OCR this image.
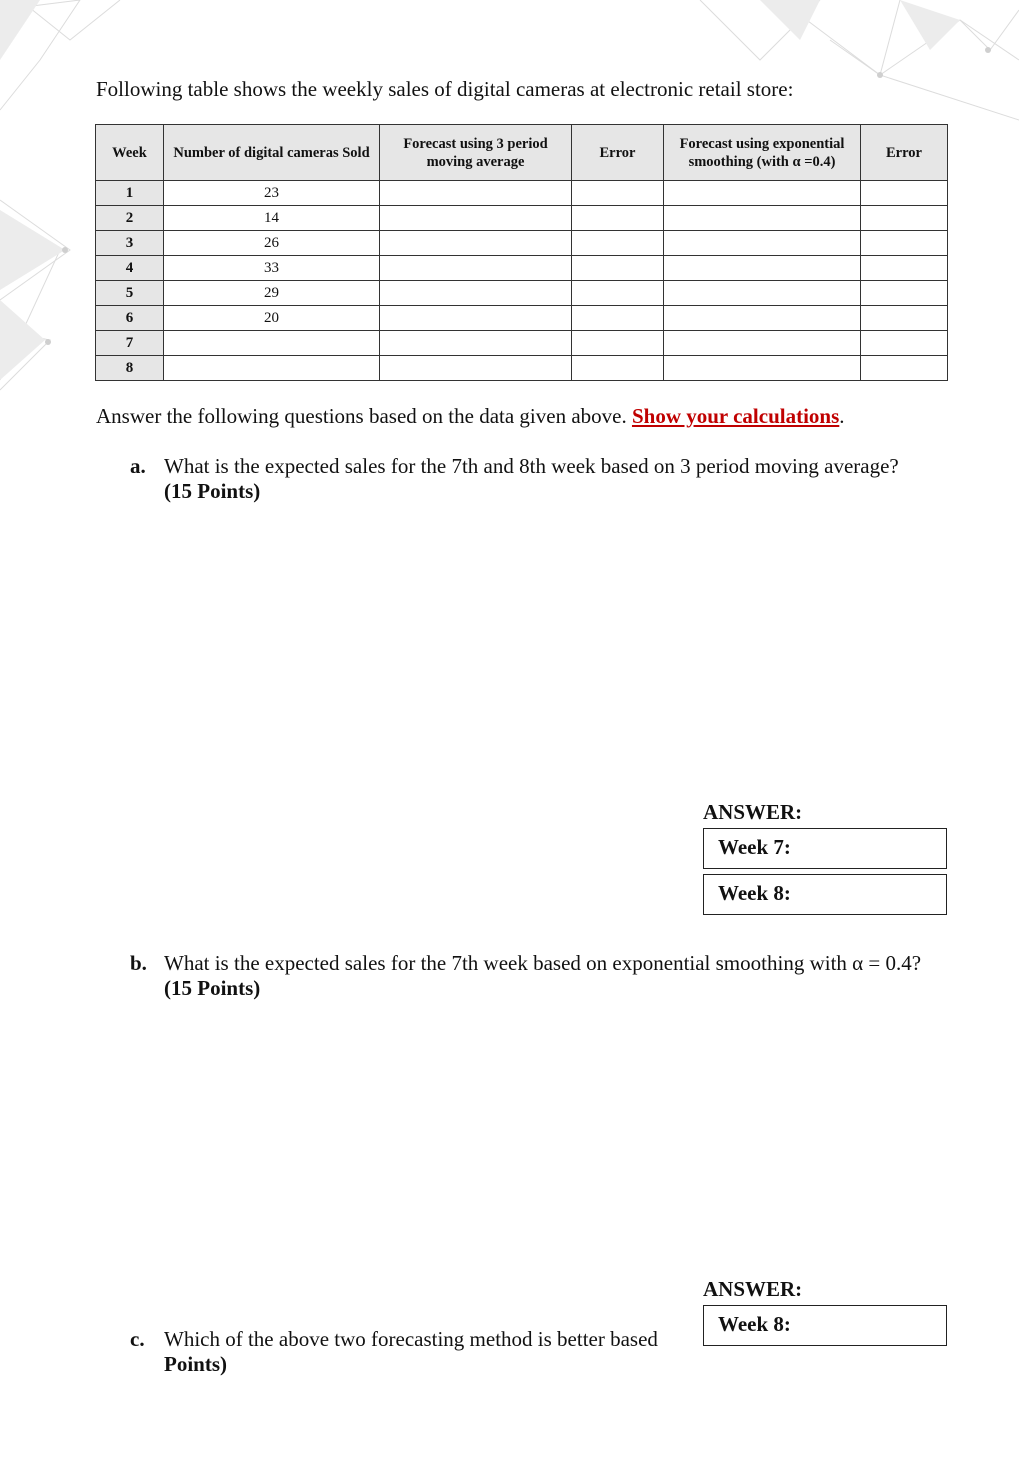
Following table shows the weekly sales of digital cameras at electronic retail store:
Week	Number of digital cameras Sold	Forecast using 3 period moving average	Error	Forecast using exponential smoothing (with α =0.4)	Error
1	23				
2	14				
3	26				
4	33				
5	29				
6	20				
7					
8					
Answer the following questions based on the data given above. Show your calculations.
a. What is the expected sales for the 7th and 8th week based on 3 period moving average?
(15 Points)
ANSWER:
Week 7:
Week 8:
b. What is the expected sales for the 7th week based on exponential smoothing with α = 0.4? (15 Points)
c. Which of the above two forecasting method is better based
Points)
ANSWER:
Week 8:
